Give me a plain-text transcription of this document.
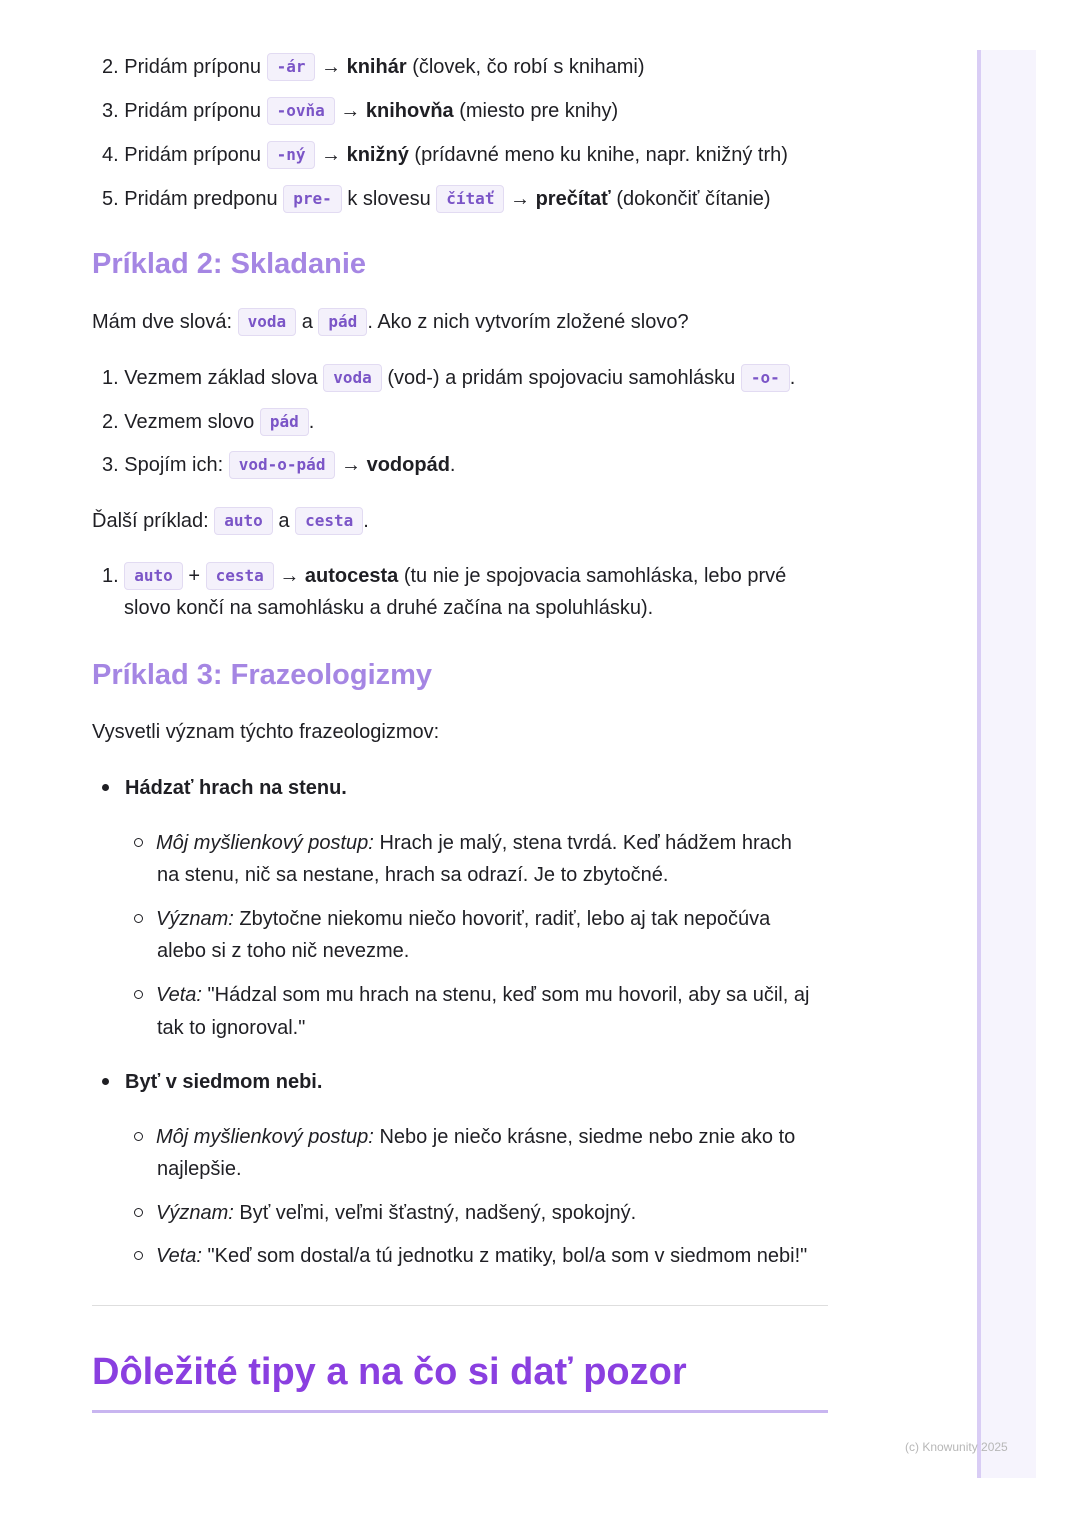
2. Pridám príponu -ár → knihár (človek, čo robí s knihami)
3. Pridám príponu -ovňa → knihovňa (miesto pre knihy)
4. Pridám príponu -ný → knižný (prídavné meno ku knihe, napr. knižný trh)
5. Pridám predponu pre- k slovesu čítať → prečítať (dokončiť čítanie)
Príklad 2: Skladanie
Mám dve slová: voda a pád . Ako z nich vytvorím zložené slovo?
1. Vezmem základ slova voda (vod-) a pridám spojovaciu samohlásku -o- .
2. Vezmem slovo pád .
3. Spojím ich: vod-o-pád → vodopád.
Ďalší príklad: auto a cesta .
1. auto + cesta → autocesta (tu nie je spojovacia samohláska, lebo prvé
slovo končí na samohlásku a druhé začína na spoluhlásku).
Príklad 3: Frazeologizmy
Vysvetli význam týchto frazeologizmov:
Hádzať hrach na stenu.
Môj myšlienkový postup: Hrach je malý, stena tvrdá. Keď hádžem hrach
na stenu, nič sa nestane, hrach sa odrazí. Je to zbytočné.
Význam: Zbytočne niekomu niečo hovoriť, radiť, lebo aj tak nepočúva
alebo si z toho nič nevezme.
Veta: "Hádzal som mu hrach na stenu, keď som mu hovoril, aby sa učil, aj
tak to ignoroval."
Byť v siedmom nebi.
Môj myšlienkový postup: Nebo je niečo krásne, siedme nebo znie ako to
najlepšie.
Význam: Byť veľmi, veľmi šťastný, nadšený, spokojný.
Veta: "Keď som dostal/a tú jednotku z matiky, bol/a som v siedmom nebi!"
Dôležité tipy a na čo si dať pozor
(c) Knowunity 2025
